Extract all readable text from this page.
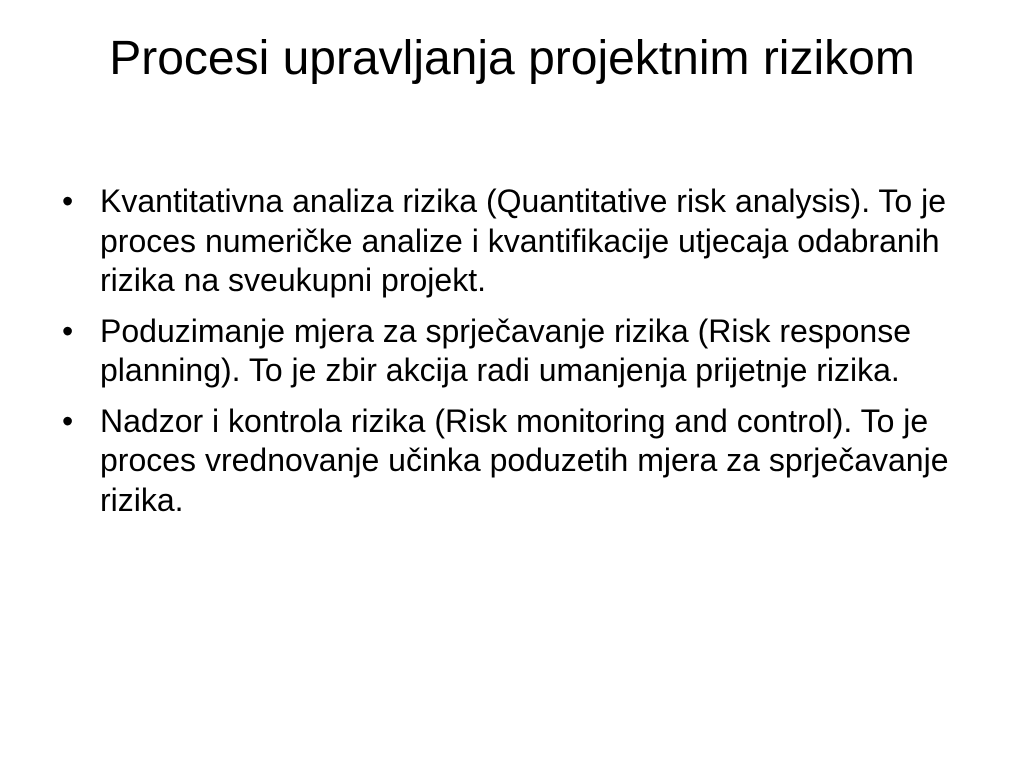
Procesi upravljanja projektnim rizikom
• Kvantitativna analiza rizika (Quantitative risk analysis). To je proces numeričke analize i kvantifikacije utjecaja odabranih rizika na sveukupni projekt.
• Poduzimanje mjera za sprječavanje rizika (Risk response planning). To je zbir akcija radi umanjenja prijetnje rizika.
• Nadzor i kontrola rizika (Risk monitoring and control). To je proces vrednovanje učinka poduzetih mjera za sprječavanje rizika.
